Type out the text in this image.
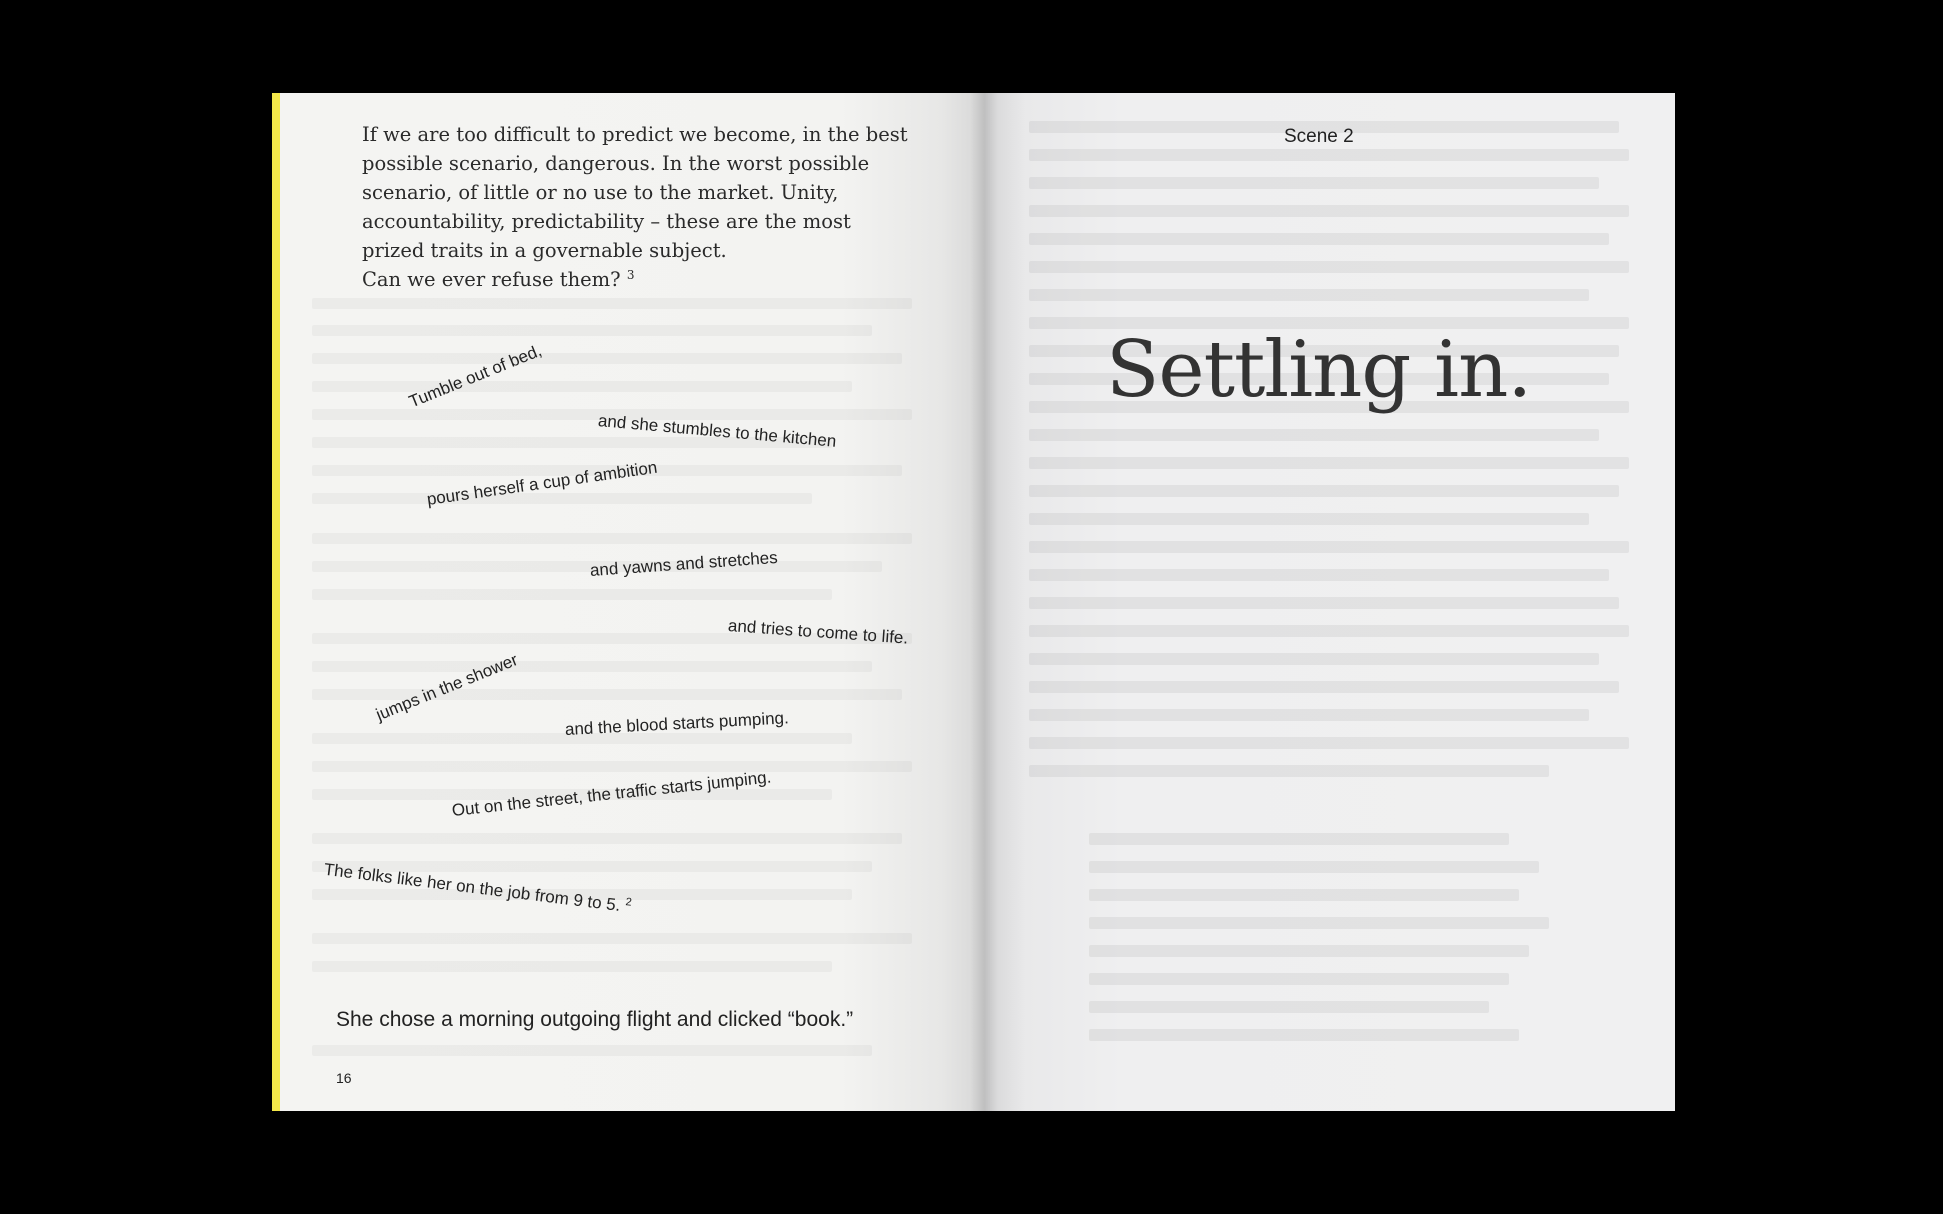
If we are too difficult to predict we become, in the best

possible scenario, dangerous. In the worst possible

scenario, of little or no use to the market. Unity,

accountability, predictability – these are the most

prized traits in a governable subject.

Can we ever refuse them? $^3$

Tumble out of bed,
and she stumbles to the kitchen
pours herself a cup of ambition
and yawns and stretches
and tries to come to life.
jumps in the shower	and the blood starts pumping.
Out on the street, the traffic starts jumping.
The folks like her on the job from 9 to 5. $^2$
She chose a morning outgoing flight and clicked “book.”
16
Scene 2
Settling in.
